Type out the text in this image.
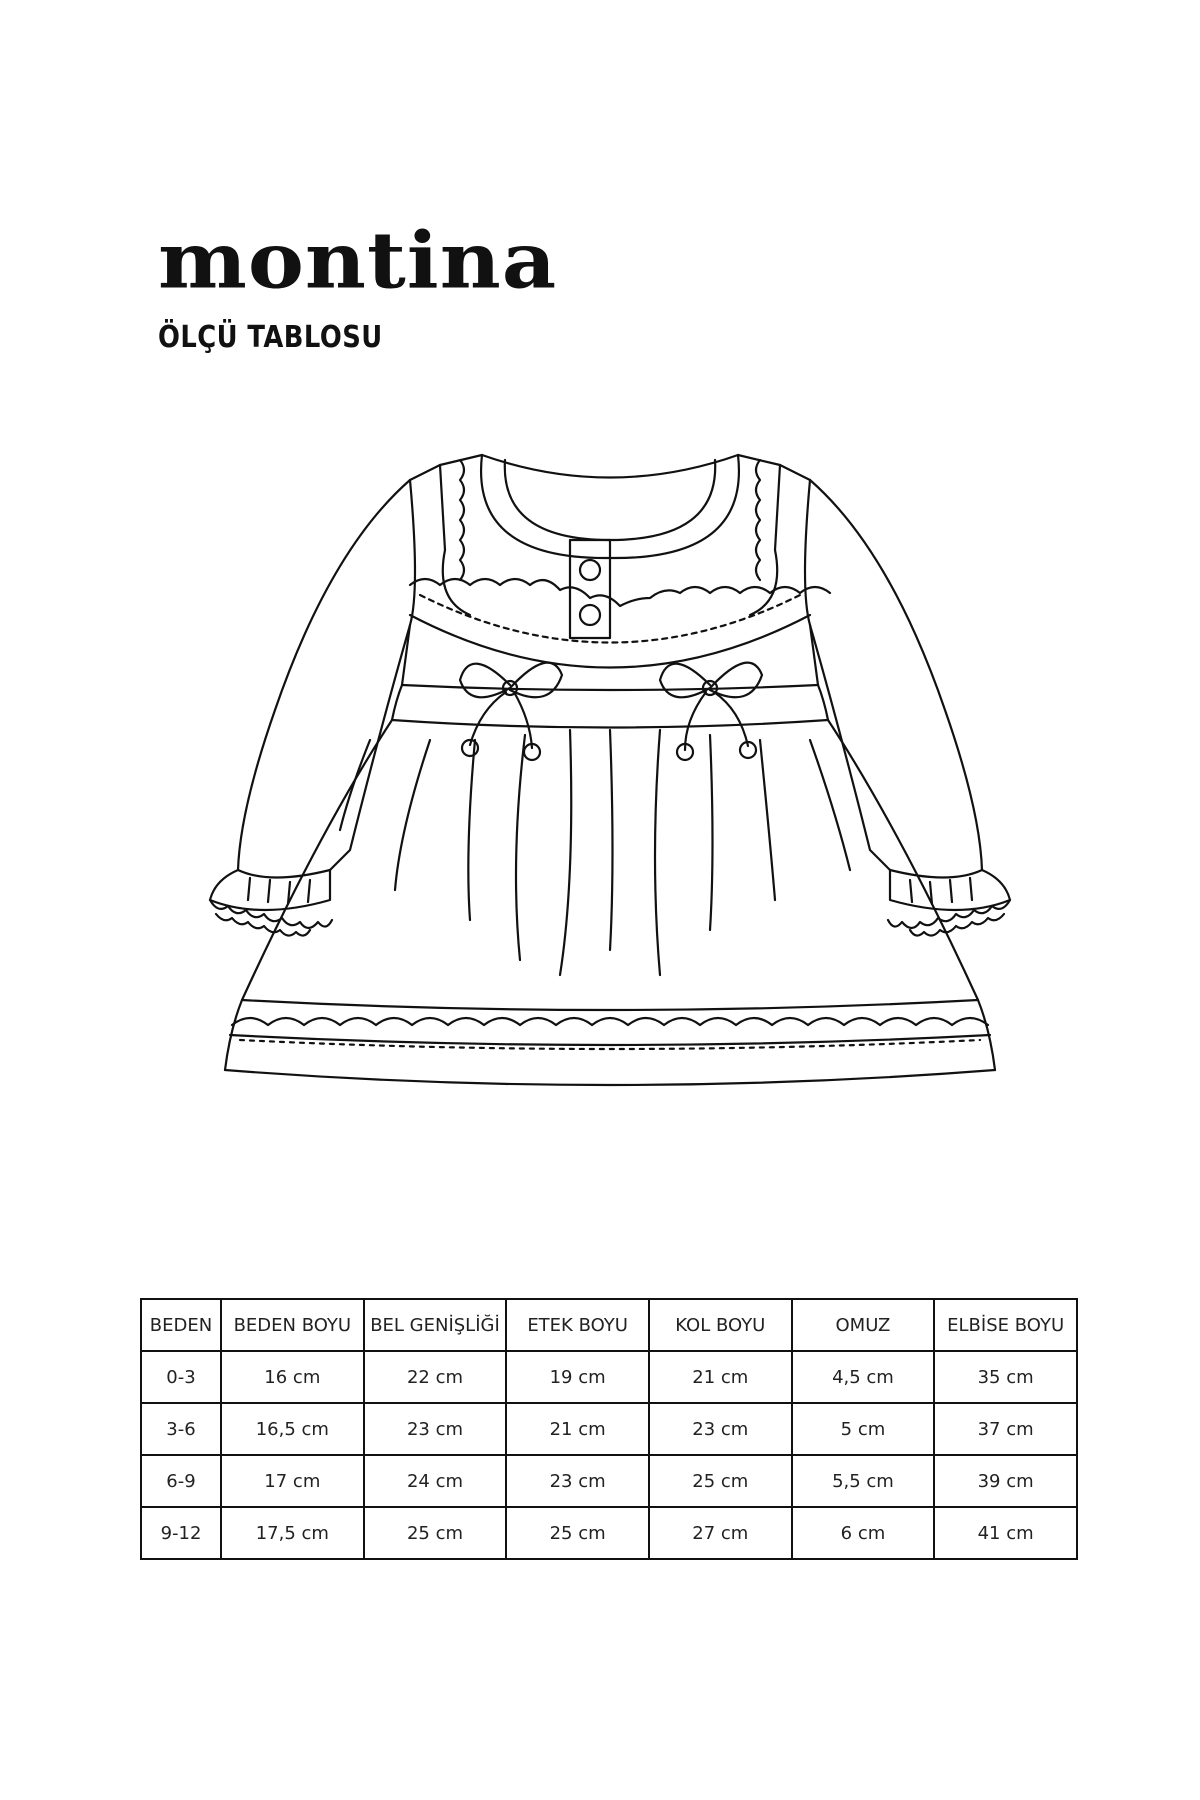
montina
ÖLÇÜ TABLOSU
BEDEN	BEDEN BOYU	BEL GENİŞLİĞİ	ETEK BOYU	KOL BOYU	OMUZ	ELBİSE BOYU
0-3	16 cm	22 cm	19 cm	21 cm	4,5 cm	35 cm
3-6	16,5 cm	23 cm	21 cm	23 cm	5 cm	37 cm
6-9	17 cm	24 cm	23 cm	25 cm	5,5 cm	39 cm
9-12	17,5 cm	25 cm	25 cm	27 cm	6 cm	41 cm
